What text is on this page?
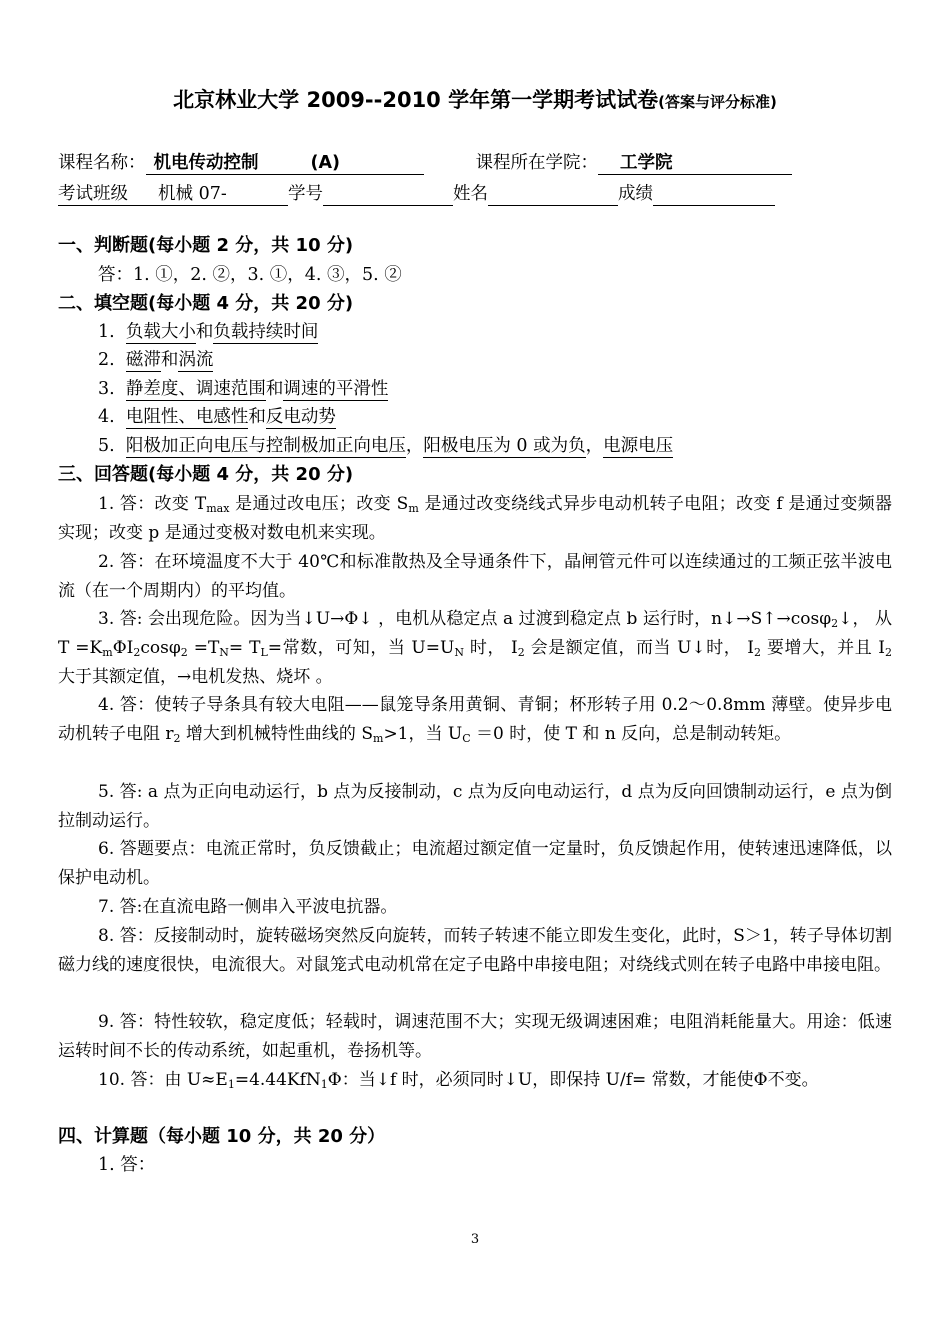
北京林业大学 2009--2010 学年第一学期考试试卷(答案与评分标准)
课程名称： 机电传动控制	(A)	课程所在学院： 工学院
考试班级 机械 07-	学号	姓名	成绩
一、判断题(每小题 2 分，共 10 分)
答：1. ①，2. ②，3. ①，4. ③，5. ②
二、填空题(每小题 4 分，共 20 分)
1. 负载大小和负载持续时间
2. 磁滞和涡流
3. 静差度、调速范围和调速的平滑性
4. 电阻性、电感性和反电动势
5. 阳极加正向电压与控制极加正向电压，阳极电压为 0 或为负，电源电压
三、回答题(每小题 4 分，共 20 分)
1. 答：改变 $T_{max}$ 是通过改电压；改变 $S_m$ 是通过改变绕线式异步电动机转子电阻；改变 f 是通过变频器实现；改变 p 是通过变极对数电机来实现。
2. 答：在环境温度不大于 40℃和标准散热及全导通条件下，晶闸管元件可以连续通过的工频正弦半波电流（在一个周期内）的平均值。
3. 答: 会出现危险。因为当↓U→Φ↓ ，电机从稳定点 a 过渡到稳定点 b 运行时，n↓→S↑→cosφ$_2$↓， 从 $T =K_m\Phi I_2\cos\varphi_2 =T_N= T_L=$常数，可知，当 $U=U_N$ 时， $I_2$ 会是额定值，而当 U↓时， $I_2$ 要增大，并且 $I_2$ 大于其额定值，→电机发热、烧坏 。
4. 答：使转子导条具有较大电阻——鼠笼导条用黄铜、青铜；杯形转子用 0.2～0.8mm 薄壁。使异步电动机转子电阻 $r_2$ 增大到机械特性曲线的 $S_m>1$，当 $U_C =0$ 时，使 T 和 n 反向，总是制动转矩。
5. 答: a 点为正向电动运行，b 点为反接制动，c 点为反向电动运行，d 点为反向回馈制动运行，e 点为倒拉制动运行。
6. 答题要点：电流正常时，负反馈截止；电流超过额定值一定量时，负反馈起作用，使转速迅速降低，以保护电动机。
7. 答:在直流电路一侧串入平波电抗器。
8. 答：反接制动时，旋转磁场突然反向旋转，而转子转速不能立即发生变化，此时，S＞1，转子导体切割磁力线的速度很快，电流很大。对鼠笼式电动机常在定子电路中串接电阻；对绕线式则在转子电路中串接电阻。
9. 答：特性较软，稳定度低；轻载时，调速范围不大；实现无级调速困难；电阻消耗能量大。用途：低速运转时间不长的传动系统，如起重机，卷扬机等。
10. 答：由 $U\approx E_1=4.44KfN_1\Phi$：当↓f 时，必须同时↓U，即保持 U/f= 常数，才能使Φ不变。
四、计算题（每小题 10 分，共 20 分）
1. 答：
3
